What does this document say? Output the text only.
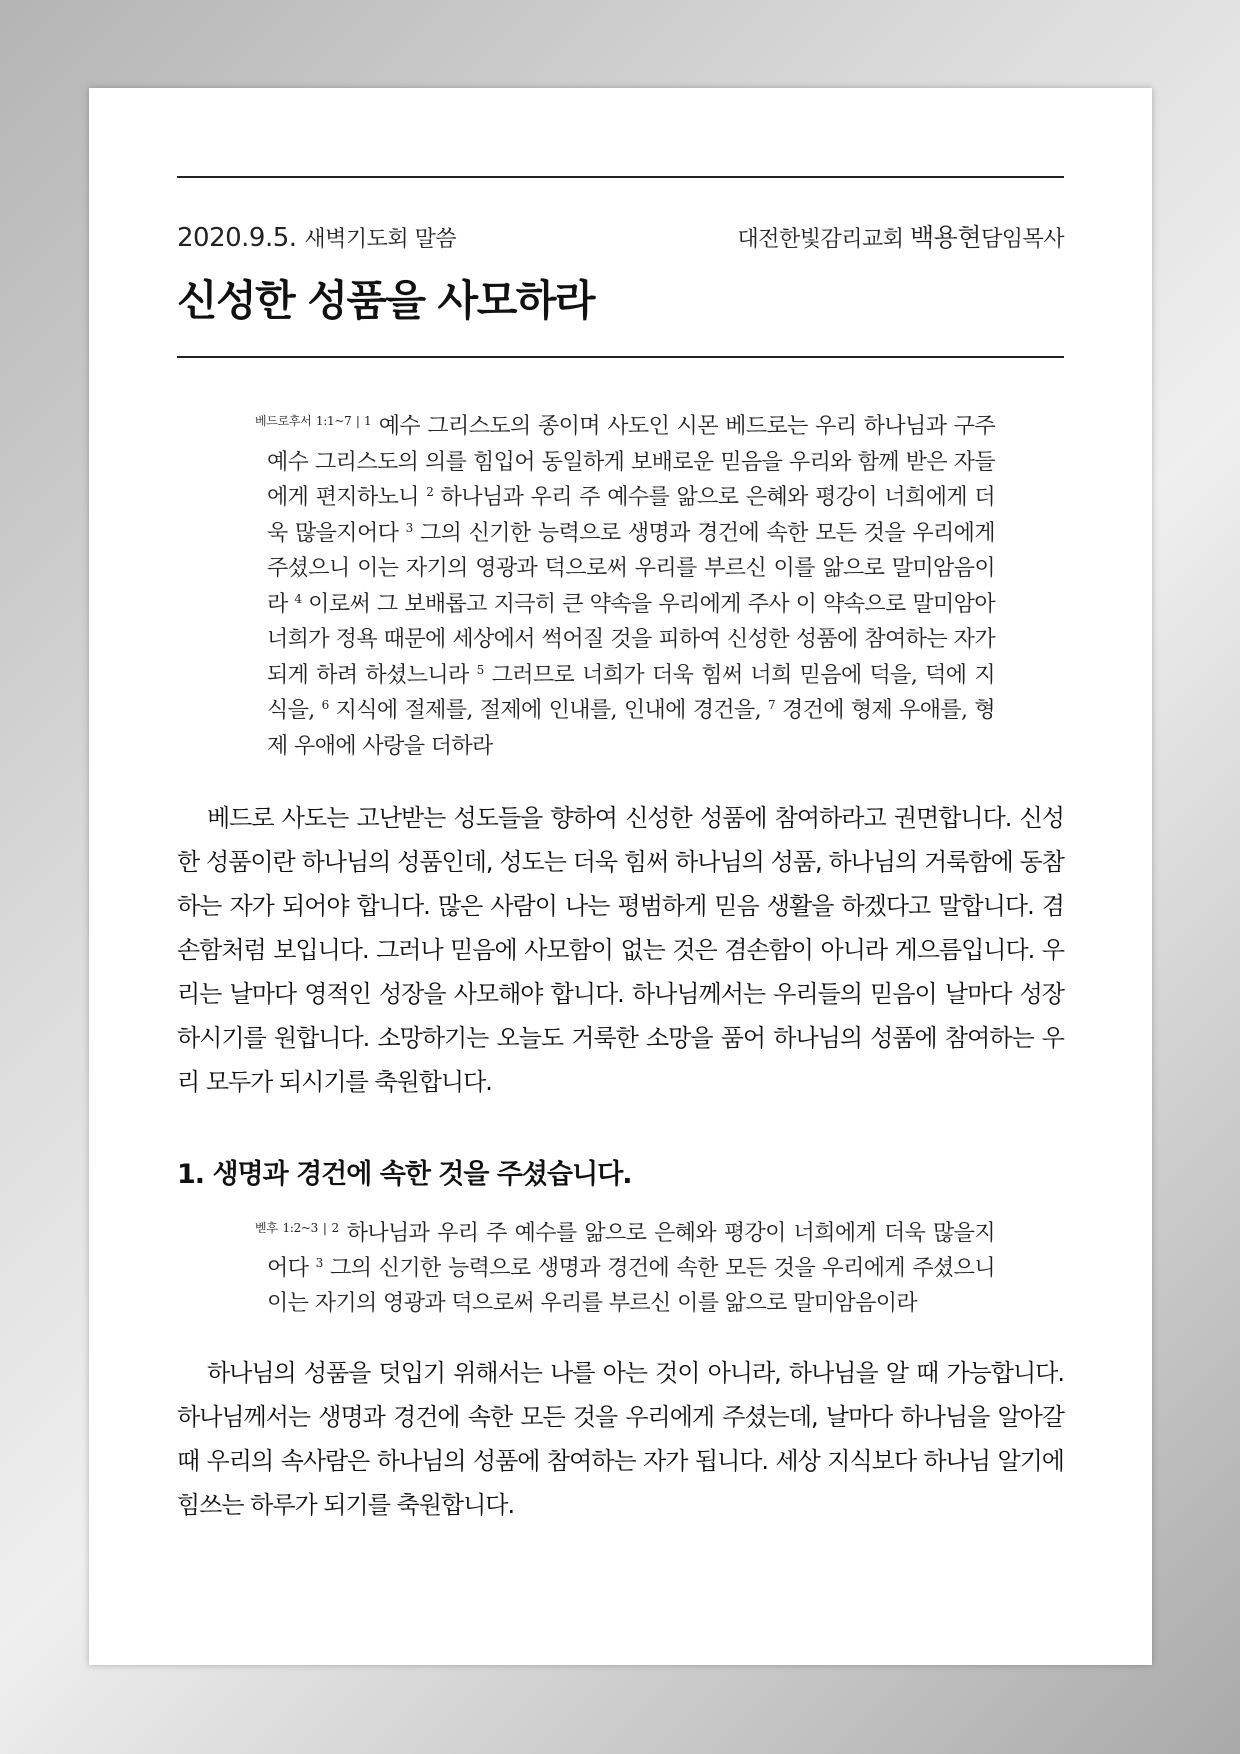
2020.9.5. 새벽기도회 말씀	대전한빛감리교회 백용현담임목사
신성한 성품을 사모하라
$^{베드로후서 1:1\sim 7 | 1}$ 예수 그리스도의 종이며 사도인 시몬 베드로는 우리 하나님과 구주 예수 그리스도의 의를 힘입어 동일하게 보배로운 믿음을 우리와 함께 받은 자들에게 편지하노니 $^2$ 하나님과 우리 주 예수를 앎으로 은혜와 평강이 너희에게 더욱 많을지어다 $^3$ 그의 신기한 능력으로 생명과 경건에 속한 모든 것을 우리에게 주셨으니 이는 자기의 영광과 덕으로써 우리를 부르신 이를 앎으로 말미암음이라 $^4$ 이로써 그 보배롭고 지극히 큰 약속을 우리에게 주사 이 약속으로 말미암아 너희가 정욕 때문에 세상에서 썩어질 것을 피하여 신성한 성품에 참여하는 자가 되게 하려 하셨느니라 $^5$ 그러므로 너희가 더욱 힘써 너희 믿음에 덕을, 덕에 지식을, $^6$ 지식에 절제를, 절제에 인내를, 인내에 경건을, $^7$ 경건에 형제 우애를, 형제 우애에 사랑을 더하라

베드로 사도는 고난받는 성도들을 향하여 신성한 성품에 참여하라고 권면합니다. 신성한 성품이란 하나님의 성품인데, 성도는 더욱 힘써 하나님의 성품, 하나님의 거룩함에 동참하는 자가 되어야 합니다. 많은 사람이 나는 평범하게 믿음 생활을 하겠다고 말합니다. 겸손함처럼 보입니다. 그러나 믿음에 사모함이 없는 것은 겸손함이 아니라 게으름입니다. 우리는 날마다 영적인 성장을 사모해야 합니다. 하나님께서는 우리들의 믿음이 날마다 성장하시기를 원합니다. 소망하기는 오늘도 거룩한 소망을 품어 하나님의 성품에 참여하는 우리 모두가 되시기를 축원합니다.

1. 생명과 경건에 속한 것을 주셨습니다.
$^{벧후 1:2\sim 3 | 2}$ 하나님과 우리 주 예수를 앎으로 은혜와 평강이 너희에게 더욱 많을지어다 $^3$ 그의 신기한 능력으로 생명과 경건에 속한 모든 것을 우리에게 주셨으니 이는 자기의 영광과 덕으로써 우리를 부르신 이를 앎으로 말미암음이라

하나님의 성품을 덧입기 위해서는 나를 아는 것이 아니라, 하나님을 알 때 가능합니다. 하나님께서는 생명과 경건에 속한 모든 것을 우리에게 주셨는데, 날마다 하나님을 알아갈 때 우리의 속사람은 하나님의 성품에 참여하는 자가 됩니다. 세상 지식보다 하나님 알기에 힘쓰는 하루가 되기를 축원합니다.
